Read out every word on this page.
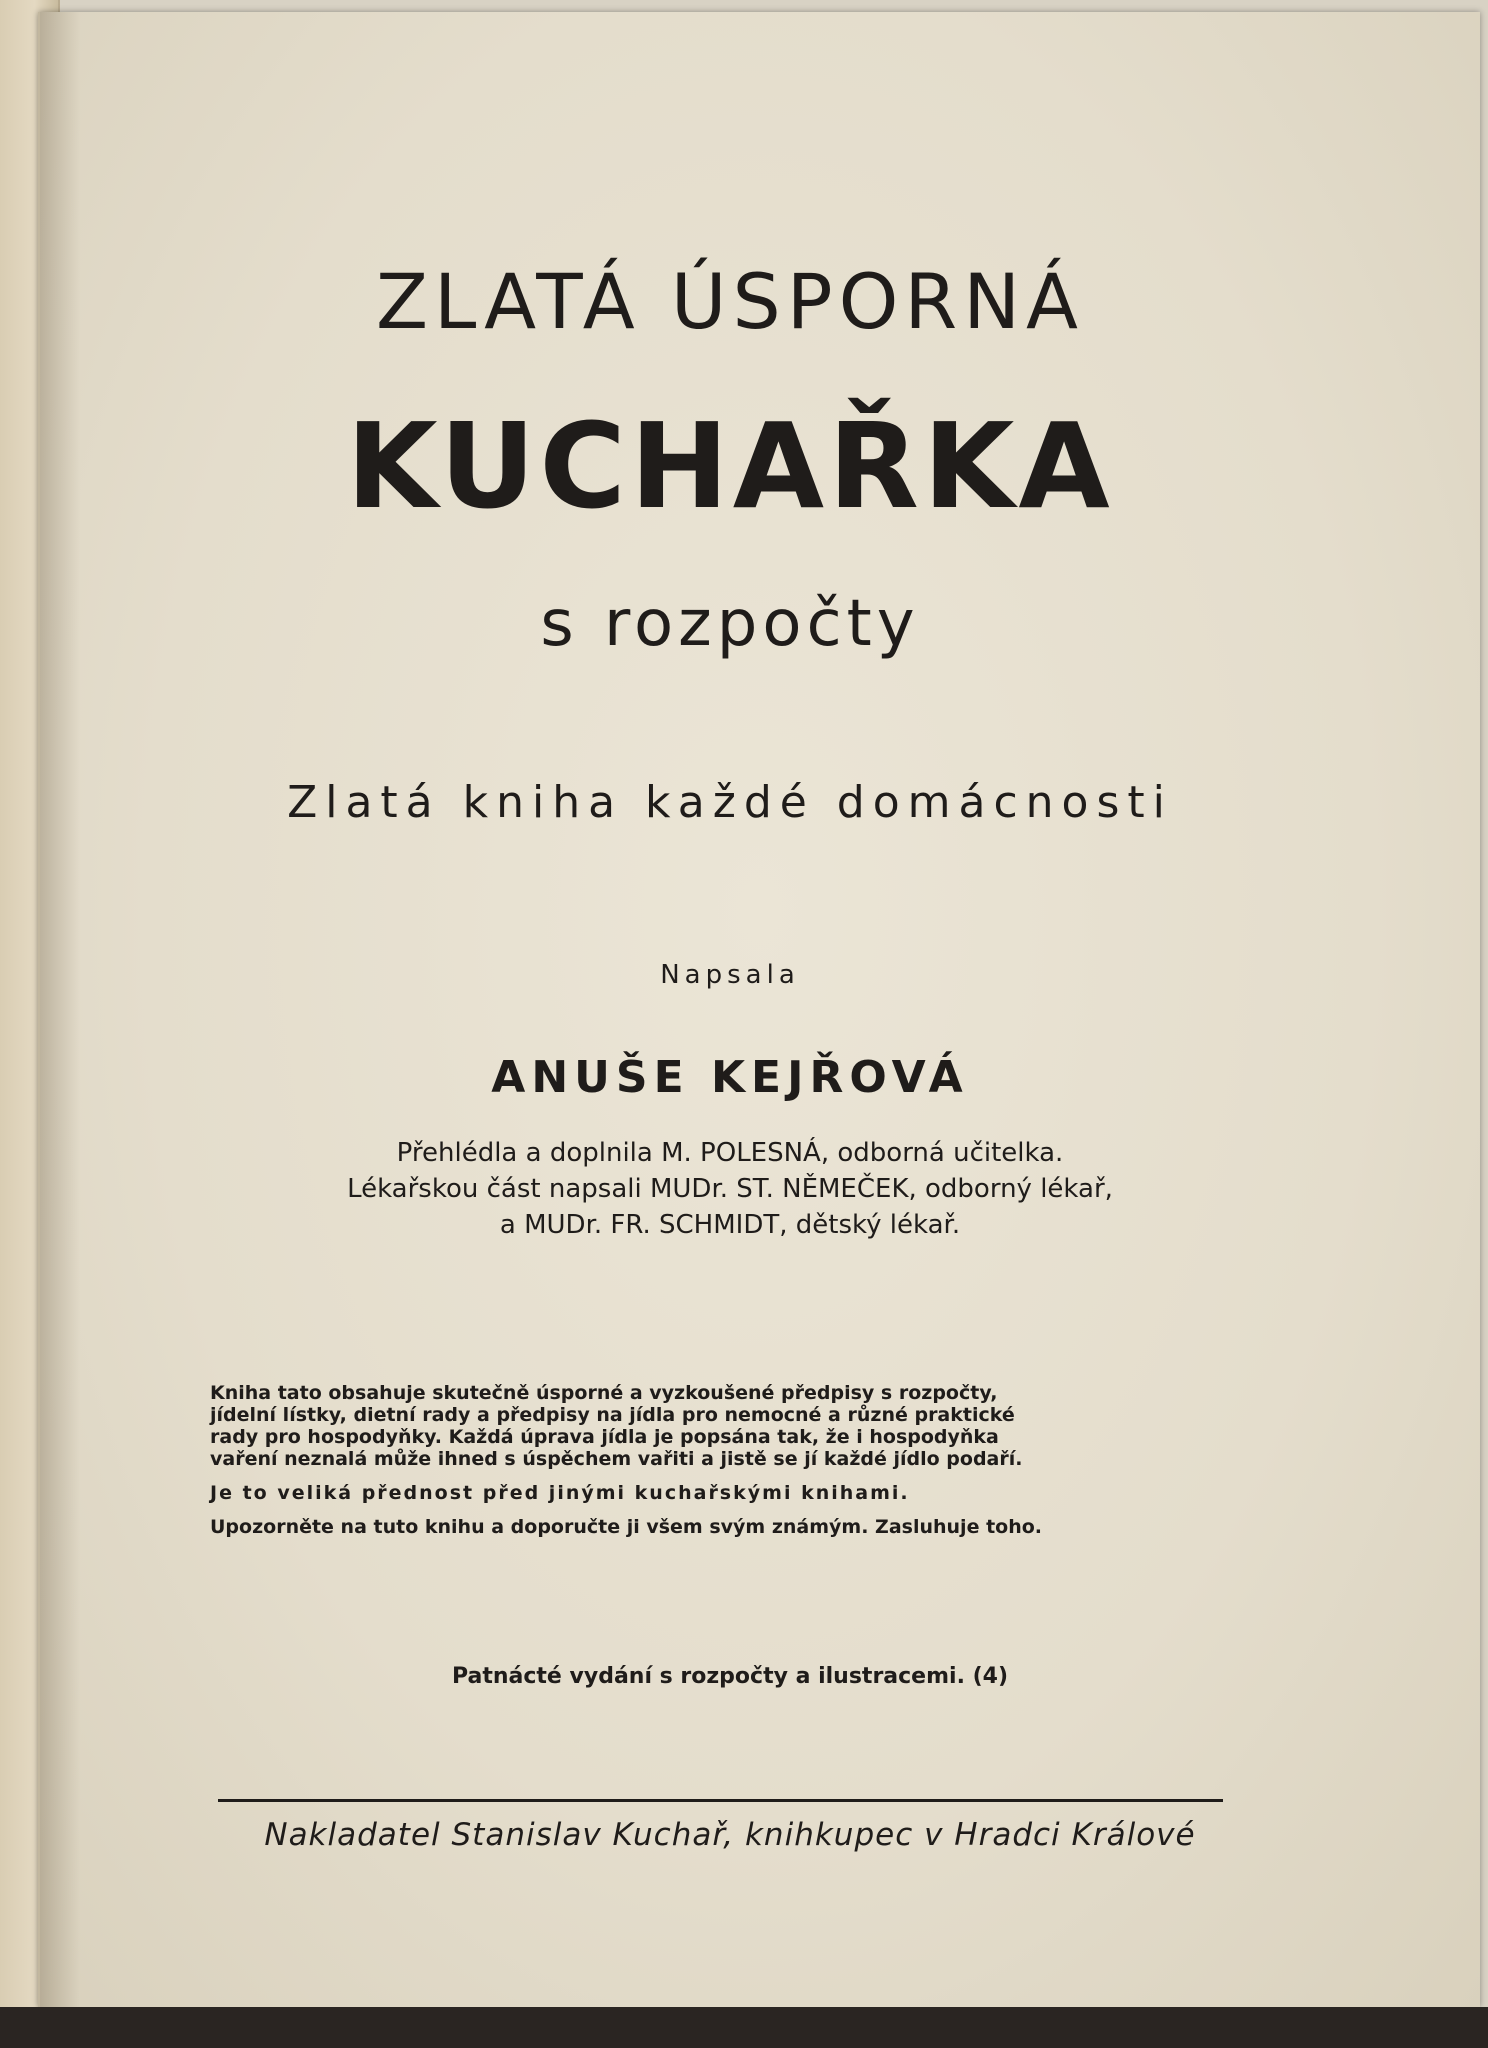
ZLATÁ ÚSPORNÁ
KUCHAŘKA
s rozpočty
Zlatá kniha každé domácnosti
Napsala
ANUŠE KEJŘOVÁ
Přehlédla a doplnila M. POLESNÁ, odborná učitelka.
Lékařskou část napsali MUDr. ST. NĚMEČEK, odborný lékař,
a MUDr. FR. SCHMIDT, dětský lékař.
Kniha tato obsahuje skutečně úsporné a vyzkoušené předpisy s rozpočty,
jídelní lístky, dietní rady a předpisy na jídla pro nemocné a různé praktické
rady pro hospodyňky. Každá úprava jídla je popsána tak, že i hospodyňka
vaření neznalá může ihned s úspěchem vařiti a jistě se jí každé jídlo podaří.
Je to veliká přednost před jinými kuchařskými knihami.
Upozorněte na tuto knihu a doporučte ji všem svým známým. Zasluhuje toho.
Patnácté vydání s rozpočty a ilustracemi. (4)
Nakladatel Stanislav Kuchař, knihkupec v Hradci Králové
